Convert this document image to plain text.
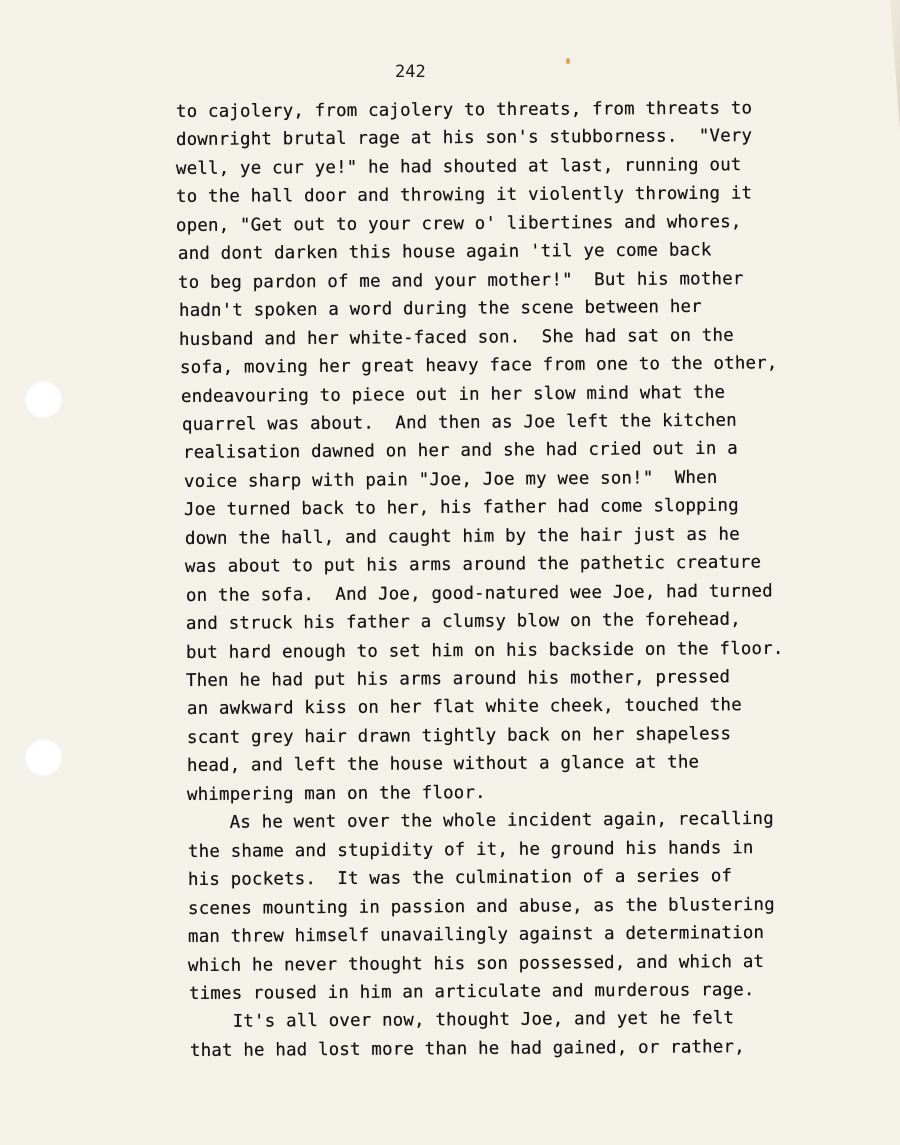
242
to cajolery, from cajolery to threats, from threats to
downright brutal rage at his son's stubborness.  "Very
well, ye cur ye!" he had shouted at last, running out
to the hall door and throwing it violently throwing it
open, "Get out to your crew o' libertines and whores,
and dont darken this house again 'til ye come back
to beg pardon of me and your mother!"  But his mother
hadn't spoken a word during the scene between her
husband and her white-faced son.  She had sat on the
sofa, moving her great heavy face from one to the other,
endeavouring to piece out in her slow mind what the
quarrel was about.  And then as Joe left the kitchen
realisation dawned on her and she had cried out in a
voice sharp with pain "Joe, Joe my wee son!"  When
Joe turned back to her, his father had come slopping
down the hall, and caught him by the hair just as he
was about to put his arms around the pathetic creature
on the sofa.  And Joe, good-natured wee Joe, had turned
and struck his father a clumsy blow on the forehead,
but hard enough to set him on his backside on the floor.
Then he had put his arms around his mother, pressed
an awkward kiss on her flat white cheek, touched the
scant grey hair drawn tightly back on her shapeless
head, and left the house without a glance at the
whimpering man on the floor.
As he went over the whole incident again, recalling
the shame and stupidity of it, he ground his hands in
his pockets.  It was the culmination of a series of
scenes mounting in passion and abuse, as the blustering
man threw himself unavailingly against a determination
which he never thought his son possessed, and which at
times roused in him an articulate and murderous rage.
It's all over now, thought Joe, and yet he felt
that he had lost more than he had gained, or rather,
